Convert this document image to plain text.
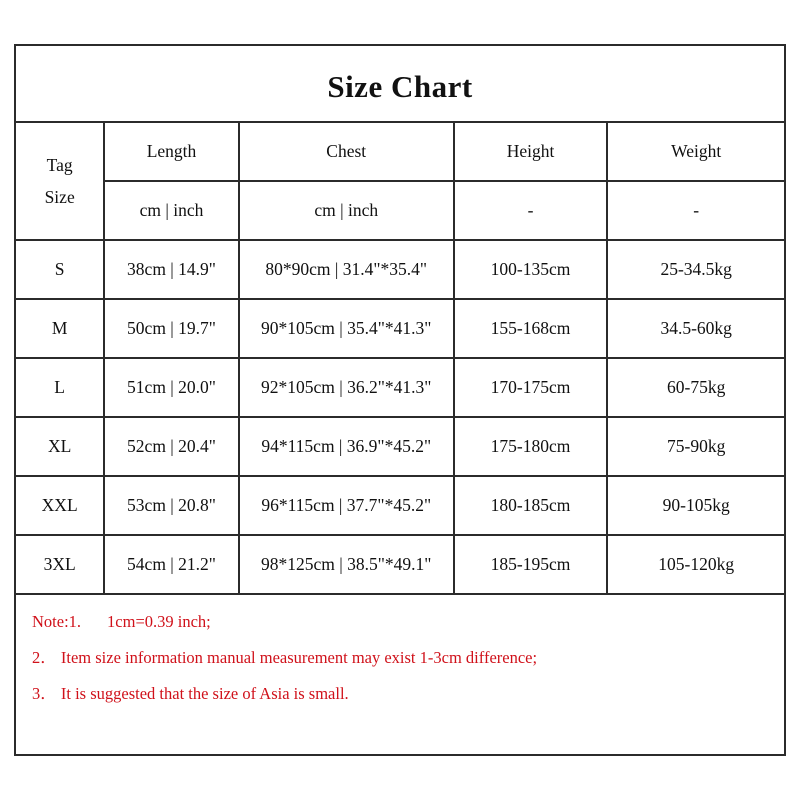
Size Chart
Tag
Size	Length	Chest	Height	Weight
	cm | inch	cm | inch	-	-
S	38cm | 14.9"	80*90cm | 31.4"*35.4"	100-135cm	25-34.5kg
M	50cm | 19.7"	90*105cm | 35.4"*41.3"	155-168cm	34.5-60kg
L	51cm | 20.0"	92*105cm | 36.2"*41.3"	170-175cm	60-75kg
XL	52cm | 20.4"	94*115cm | 36.9"*45.2"	175-180cm	75-90kg
XXL	53cm | 20.8"	96*115cm | 37.7"*45.2"	180-185cm	90-105kg
3XL	54cm | 21.2"	98*125cm | 38.5"*49.1"	185-195cm	105-120kg

Note:1. 1cm=0.39 inch;

2． Item size information manual measurement may exist 1-3cm difference;

3． It is suggested that the size of Asia is small.
